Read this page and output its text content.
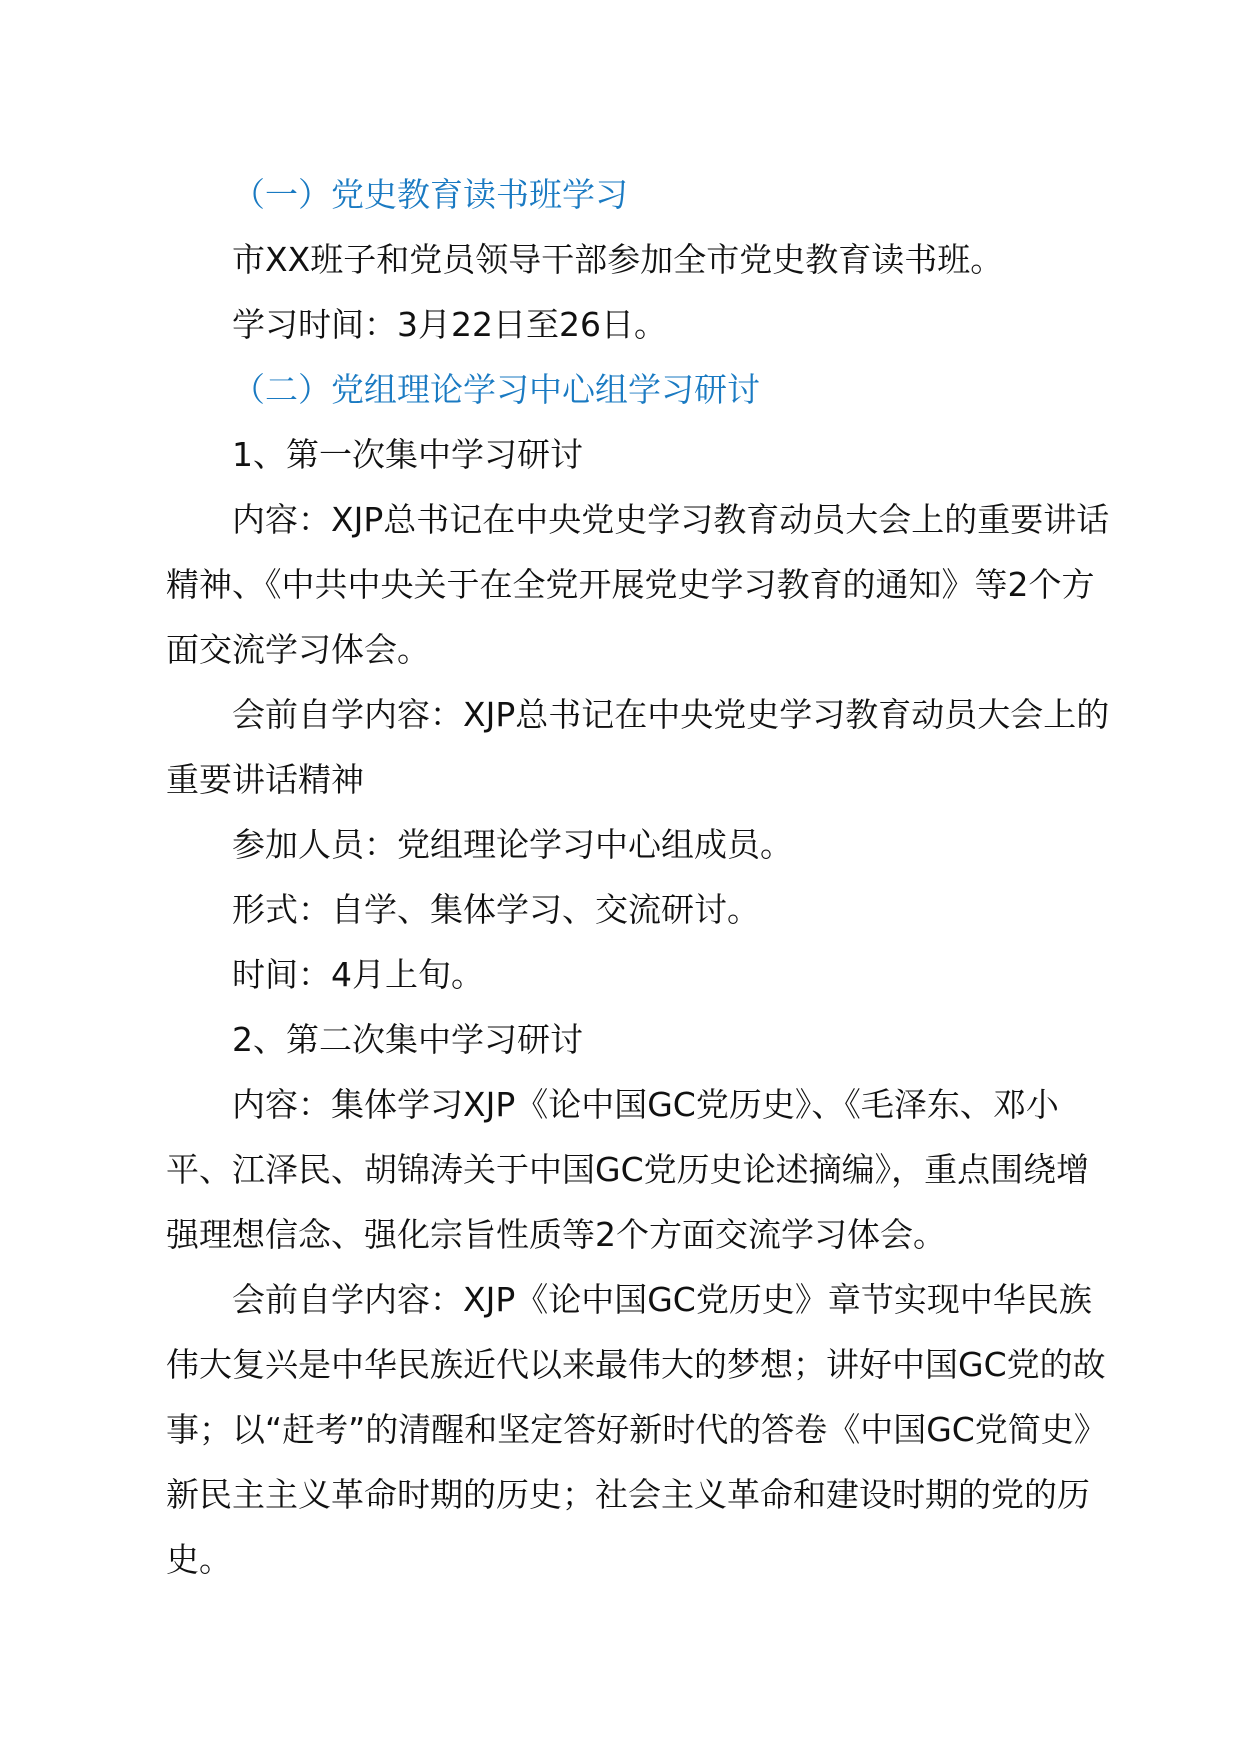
（一）党史教育读书班学习

市XX班子和党员领导干部参加全市党史教育读书班。

学习时间：3月22日至26日。

（二）党组理论学习中心组学习研讨

1、第一次集中学习研讨

内容：XJP总书记在中央党史学习教育动员大会上的重要讲话精神、《中共中央关于在全党开展党史学习教育的通知》等2个方面交流学习体会。

会前自学内容：XJP总书记在中央党史学习教育动员大会上的重要讲话精神

参加人员：党组理论学习中心组成员。

形式：自学、集体学习、交流研讨。

时间：4月上旬。

2、第二次集中学习研讨

内容：集体学习XJP《论中国GC党历史》、《毛泽东、邓小平、江泽民、胡锦涛关于中国GC党历史论述摘编》，重点围绕增强理想信念、强化宗旨性质等2个方面交流学习体会。

会前自学内容：XJP《论中国GC党历史》章节实现中华民族伟大复兴是中华民族近代以来最伟大的梦想；讲好中国GC党的故事；以“赶考”的清醒和坚定答好新时代的答卷《中国GC党简史》新民主主义革命时期的历史；社会主义革命和建设时期的党的历史。
